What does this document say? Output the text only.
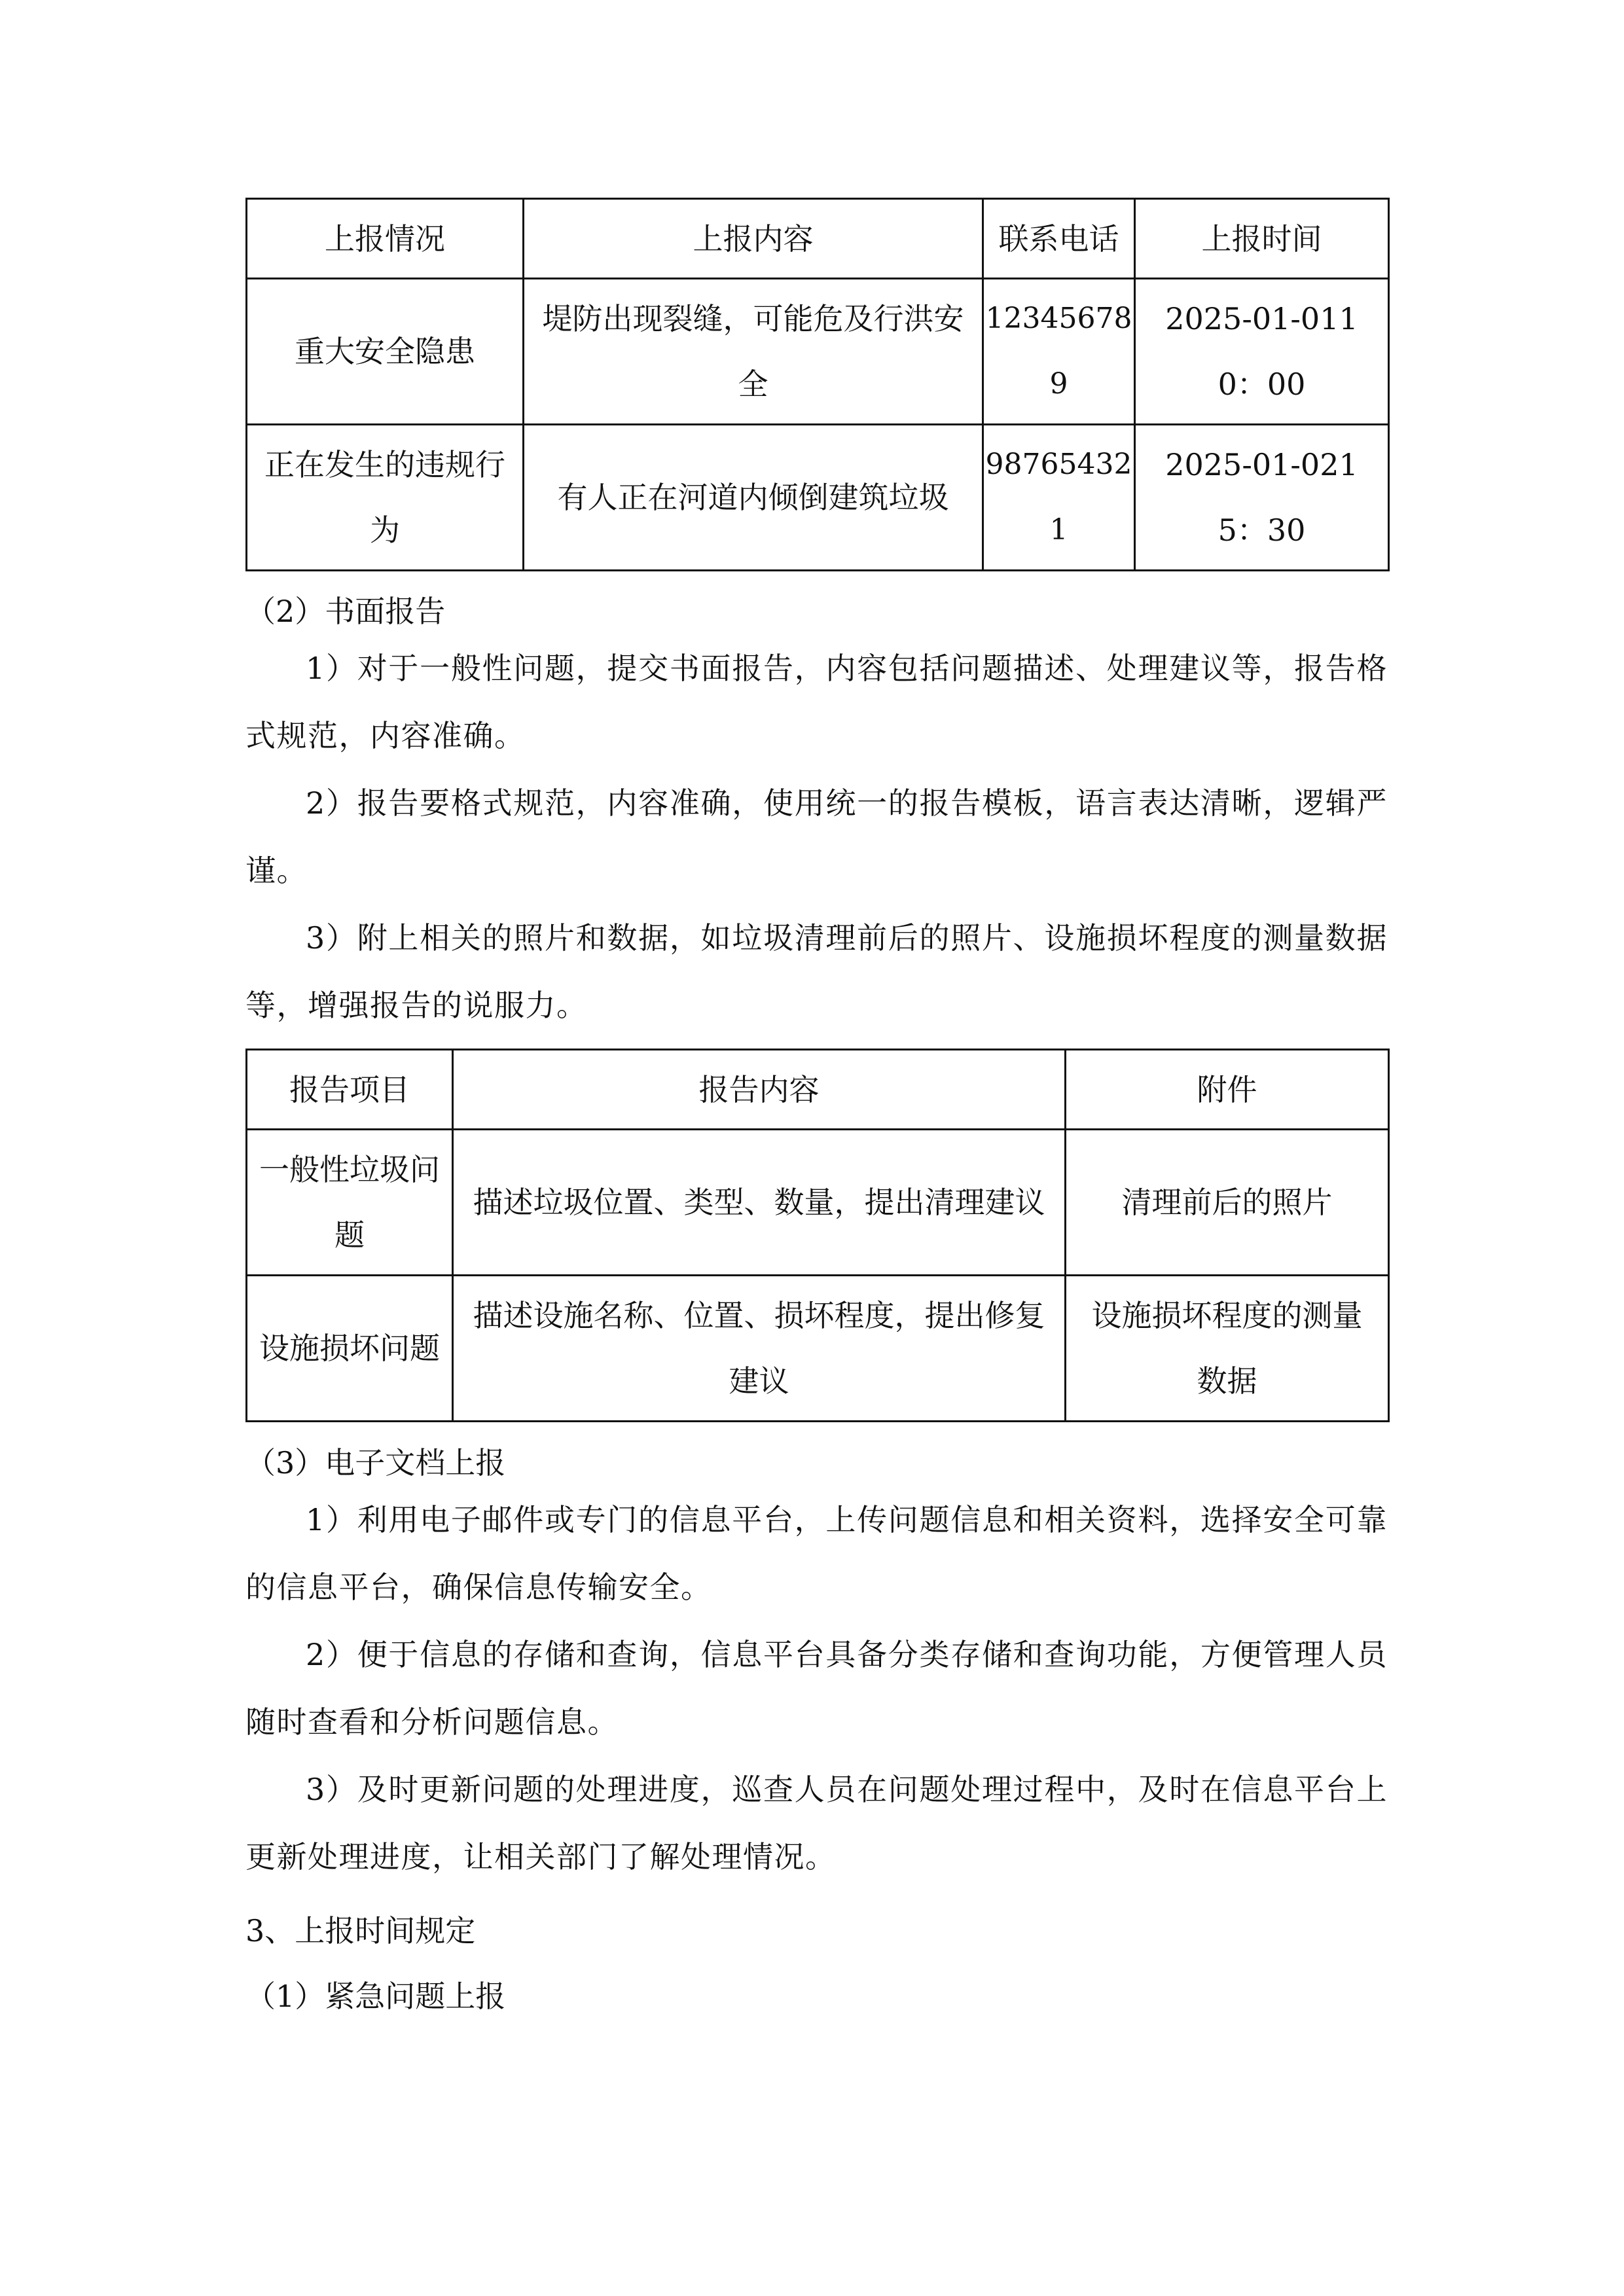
上报情况	上报内容	联系电话	上报时间

重大安全隐患	堤防出现裂缝，可能危及行洪安全	123456789	2025-01-0110：00

正在发生的违规行为	有人正在河道内倾倒建筑垃圾	987654321	2025-01-0215：30
（2）书面报告
1）对于一般性问题，提交书面报告，内容包括问题描述、处理建议等，报告格式规范，内容准确。
2）报告要格式规范，内容准确，使用统一的报告模板，语言表达清晰，逻辑严谨。
3）附上相关的照片和数据，如垃圾清理前后的照片、设施损坏程度的测量数据等，增强报告的说服力。
报告项目	报告内容	附件

一般性垃圾问题	描述垃圾位置、类型、数量，提出清理建议	清理前后的照片

设施损坏问题	描述设施名称、位置、损坏程度，提出修复建议	设施损坏程度的测量数据
（3）电子文档上报
1）利用电子邮件或专门的信息平台，上传问题信息和相关资料，选择安全可靠的信息平台，确保信息传输安全。
2）便于信息的存储和查询，信息平台具备分类存储和查询功能，方便管理人员随时查看和分析问题信息。
3）及时更新问题的处理进度，巡查人员在问题处理过程中，及时在信息平台上更新处理进度，让相关部门了解处理情况。
3、上报时间规定
（1）紧急问题上报
